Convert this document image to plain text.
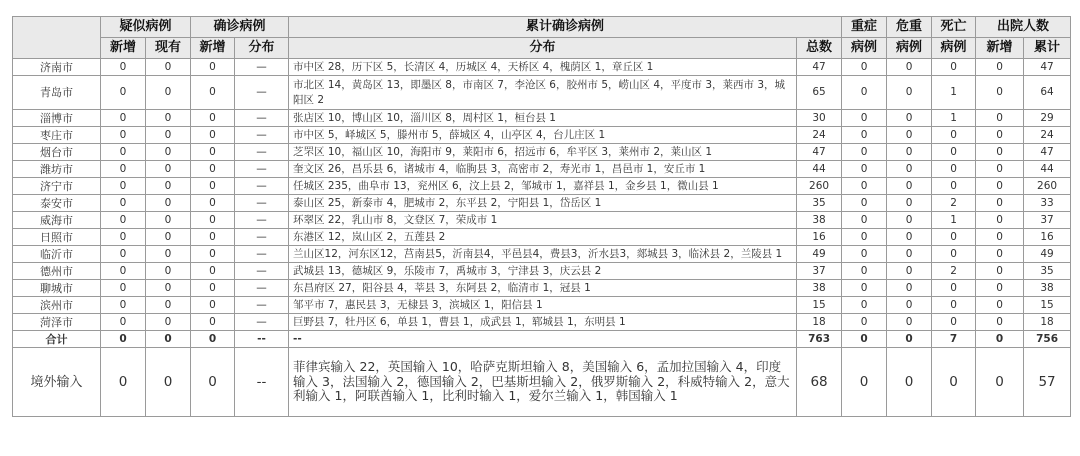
	疑似病例		确诊病例		累计确诊病例		重症	危重	死亡	出院人数	
	新增	现有	新增	分布	分布	总数	病例	病例	病例	新增	累计
济南市	0	0	0	—	市中区 28，历下区 5，长清区 4，历城区 4，天桥区 4，槐荫区 1，章丘区 1	47	0	0	0	0	47
青岛市	0	0	0	—	市北区 14，黄岛区 13，即墨区 8，市南区 7，李沧区 6，胶州市 5，崂山区 4，平度市 3，莱西市 3，城阳区 2	65	0	0	1	0	64
淄博市	0	0	0	—	张店区 10，博山区 10，淄川区 8，周村区 1，桓台县 1	30	0	0	1	0	29
枣庄市	0	0	0	—	市中区 5，峄城区 5，滕州市 5，薛城区 4，山亭区 4，台儿庄区 1	24	0	0	0	0	24
烟台市	0	0	0	—	芝罘区 10，福山区 10，海阳市 9，莱阳市 6，招远市 6，牟平区 3，莱州市 2，莱山区 1	47	0	0	0	0	47
潍坊市	0	0	0	—	奎文区 26，昌乐县 6，诸城市 4，临朐县 3，高密市 2，寿光市 1，昌邑市 1，安丘市 1	44	0	0	0	0	44
济宁市	0	0	0	—	任城区 235，曲阜市 13，兖州区 6，汶上县 2，邹城市 1，嘉祥县 1，金乡县 1，微山县 1	260	0	0	0	0	260
泰安市	0	0	0	—	泰山区 25，新泰市 4，肥城市 2，东平县 2，宁阳县 1，岱岳区 1	35	0	0	2	0	33
威海市	0	0	0	—	环翠区 22，乳山市 8，文登区 7，荣成市 1	38	0	0	1	0	37
日照市	0	0	0	—	东港区 12，岚山区 2，五莲县 2	16	0	0	0	0	16
临沂市	0	0	0	—	兰山区12，河东区12，莒南县5，沂南县4，平邑县4，费县3，沂水县3，郯城县 3，临沭县 2，兰陵县 1	49	0	0	0	0	49
德州市	0	0	0	—	武城县 13，德城区 9，乐陵市 7，禹城市 3，宁津县 3，庆云县 2	37	0	0	2	0	35
聊城市	0	0	0	—	东昌府区 27，阳谷县 4，莘县 3，东阿县 2，临清市 1，冠县 1	38	0	0	0	0	38
滨州市	0	0	0	—	邹平市 7，惠民县 3，无棣县 3，滨城区 1，阳信县 1	15	0	0	0	0	15
菏泽市	0	0	0	—	巨野县 7，牡丹区 6，单县 1，曹县 1，成武县 1，郓城县 1，东明县 1	18	0	0	0	0	18
合计	0	0	0	--	--	763	0	0	7	0	756
境外输入	0	0	0	--	菲律宾输入 22，英国输入 10，哈萨克斯坦输入 8，美国输入 6，孟加拉国输入 4，印度输入 3，法国输入 2，德国输入 2，巴基斯坦输入 2，俄罗斯输入 2，科威特输入 2，意大利输入 1，阿联酋输入 1，比利时输入 1，爱尔兰输入 1，韩国输入 1	68	0	0	0	0	57
